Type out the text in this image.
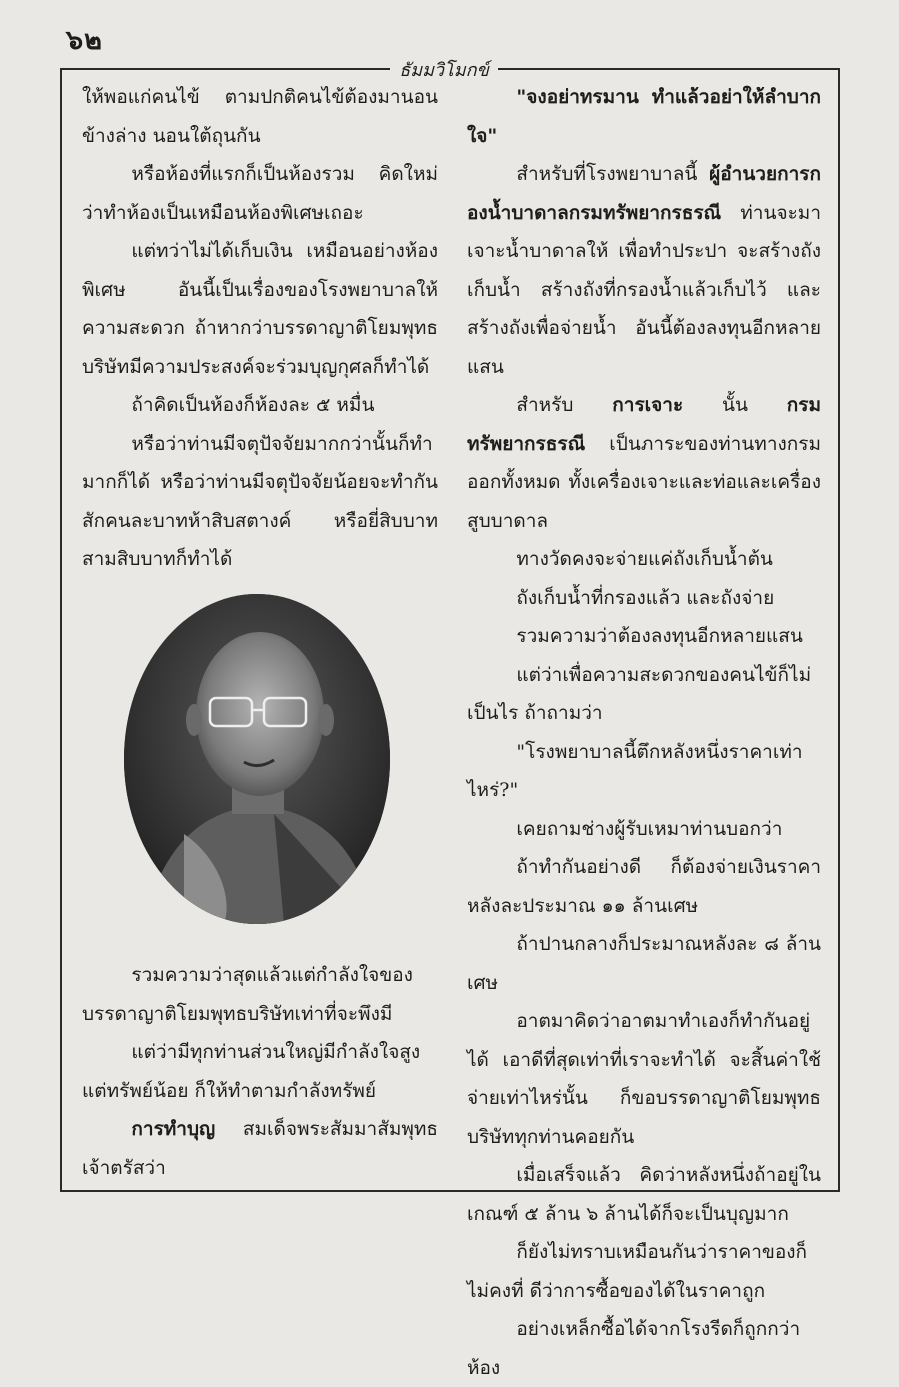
๖๒
ธัมมวิโมกข์

ให้พอแก่คนไข้ ตามปกติคนไข้ต้องมานอนข้างล่าง นอนใต้ถุนกัน

หรือห้องที่แรกก็เป็นห้องรวม คิดใหม่ว่าทำห้องเป็นเหมือนห้องพิเศษเถอะ

แต่ทว่าไม่ได้เก็บเงิน เหมือนอย่างห้องพิเศษ อันนี้เป็นเรื่องของโรงพยาบาลให้ความสะดวก ถ้าหากว่าบรรดาญาติโยมพุทธบริษัทมีความประสงค์จะร่วมบุญกุศลก็ทำได้

ถ้าคิดเป็นห้องก็ห้องละ ๕ หมื่น

หรือว่าท่านมีจตุปัจจัยมากกว่านั้นก็ทำมากก็ได้ หรือว่าท่านมีจตุปัจจัยน้อยจะทำกันสักคนละบาทห้าสิบสตางค์ หรือยี่สิบบาทสามสิบบาทก็ทำได้

รวมความว่าสุดแล้วแต่กำลังใจของบรรดาญาติโยมพุทธบริษัทเท่าที่จะพึงมี

แต่ว่ามีทุกท่านส่วนใหญ่มีกำลังใจสูงแต่ทรัพย์น้อย ก็ให้ทำตามกำลังทรัพย์

การทำบุญ สมเด็จพระสัมมาสัมพุทธเจ้าตรัสว่า

"จงอย่าทรมาน ทำแล้วอย่าให้ลำบากใจ"

สำหรับที่โรงพยาบาลนี้ ผู้อำนวยการกองน้ำบาดาลกรมทรัพยากรธรณี ท่านจะมาเจาะน้ำบาดาลให้ เพื่อทำประปา จะสร้างถังเก็บน้ำ สร้างถังที่กรองน้ำแล้วเก็บไว้ และสร้างถังเพื่อจ่ายน้ำ อันนี้ต้องลงทุนอีกหลายแสน

สำหรับ การเจาะ นั้น กรมทรัพยากรธรณี เป็นภาระของท่านทางกรมออกทั้งหมด ทั้งเครื่องเจาะและท่อและเครื่องสูบบาดาล

ทางวัดคงจะจ่ายแค่ถังเก็บน้ำต้น

ถังเก็บน้ำที่กรองแล้ว และถังจ่าย

รวมความว่าต้องลงทุนอีกหลายแสน

แต่ว่าเพื่อความสะดวกของคนไข้ก็ไม่เป็นไร ถ้าถามว่า

"โรงพยาบาลนี้ตึกหลังหนึ่งราคาเท่าไหร่?"

เคยถามช่างผู้รับเหมาท่านบอกว่า

ถ้าทำกันอย่างดี ก็ต้องจ่ายเงินราคาหลังละประมาณ ๑๑ ล้านเศษ

ถ้าปานกลางก็ประมาณหลังละ ๘ ล้านเศษ

อาตมาคิดว่าอาตมาทำเองก็ทำกันอยู่ได้ เอาดีที่สุดเท่าที่เราจะทำได้ จะสิ้นค่าใช้จ่ายเท่าไหร่นั้น ก็ขอบรรดาญาติโยมพุทธบริษัททุกท่านคอยกัน

เมื่อเสร็จแล้ว คิดว่าหลังหนึ่งถ้าอยู่ในเกณฑ์ ๕ ล้าน ๖ ล้านได้ก็จะเป็นบุญมาก

ก็ยังไม่ทราบเหมือนกันว่าราคาของก็ไม่คงที่ ดีว่าการซื้อของได้ในราคาถูก

อย่างเหล็กซื้อได้จากโรงรีดก็ถูกกว่าห้อง
